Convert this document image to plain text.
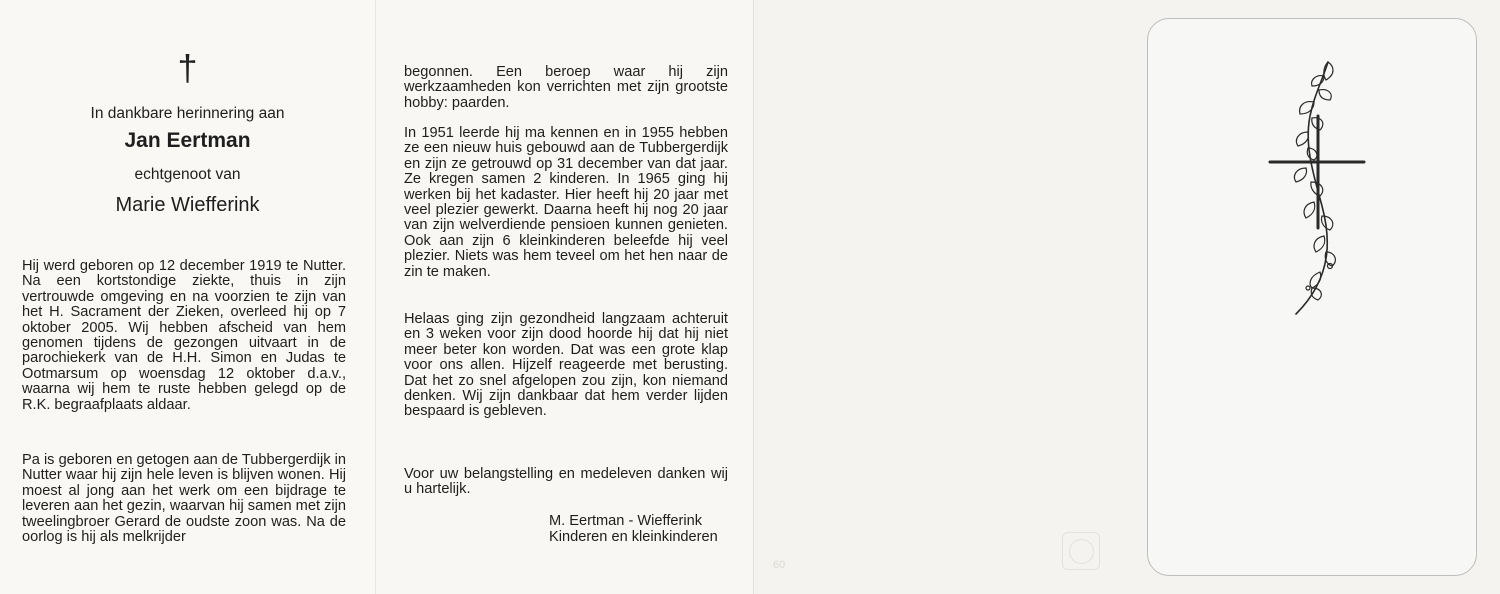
†
In dankbare herinnering aan
Jan Eertman
echtgenoot van
Marie Wiefferink

Hij werd geboren op 12 december 1919 te Nutter. Na een kortstondige ziekte, thuis in zijn vertrouwde omgeving en na voorzien te zijn van het H. Sacrament der Zieken, overleed hij op 7 oktober 2005. Wij hebben afscheid van hem genomen tijdens de gezongen uitvaart in de parochiekerk van de H.H. Simon en Judas te Ootmarsum op woensdag 12 oktober d.a.v., waarna wij hem te ruste hebben gelegd op de R.K. begraafplaats aldaar.

Pa is geboren en getogen aan de Tubbergerdijk in Nutter waar hij zijn hele leven is blijven wonen. Hij moest al jong aan het werk om een bijdrage te leveren aan het gezin, waarvan hij samen met zijn tweelingbroer Gerard de oudste zoon was. Na de oorlog is hij als melkrijder

begonnen. Een beroep waar hij zijn werkzaamheden kon verrichten met zijn grootste hobby: paarden.

In 1951 leerde hij ma kennen en in 1955 hebben ze een nieuw huis gebouwd aan de Tubbergerdijk en zijn ze getrouwd op 31 december van dat jaar. Ze kregen samen 2 kinderen. In 1965 ging hij werken bij het kadaster. Hier heeft hij 20 jaar met veel plezier gewerkt. Daarna heeft hij nog 20 jaar van zijn welverdiende pensioen kunnen genieten. Ook aan zijn 6 kleinkinderen beleefde hij veel plezier. Niets was hem teveel om het hen naar de zin te maken.

Helaas ging zijn gezondheid langzaam achteruit en 3 weken voor zijn dood hoorde hij dat hij niet meer beter kon worden. Dat was een grote klap voor ons allen. Hijzelf reageerde met berusting. Dat het zo snel afgelopen zou zijn, kon niemand denken. Wij zijn dankbaar dat hem verder lijden bespaard is gebleven.

Voor uw belangstelling en medeleven danken wij u hartelijk.

M. Eertman - Wiefferink
Kinderen en kleinkinderen
60
